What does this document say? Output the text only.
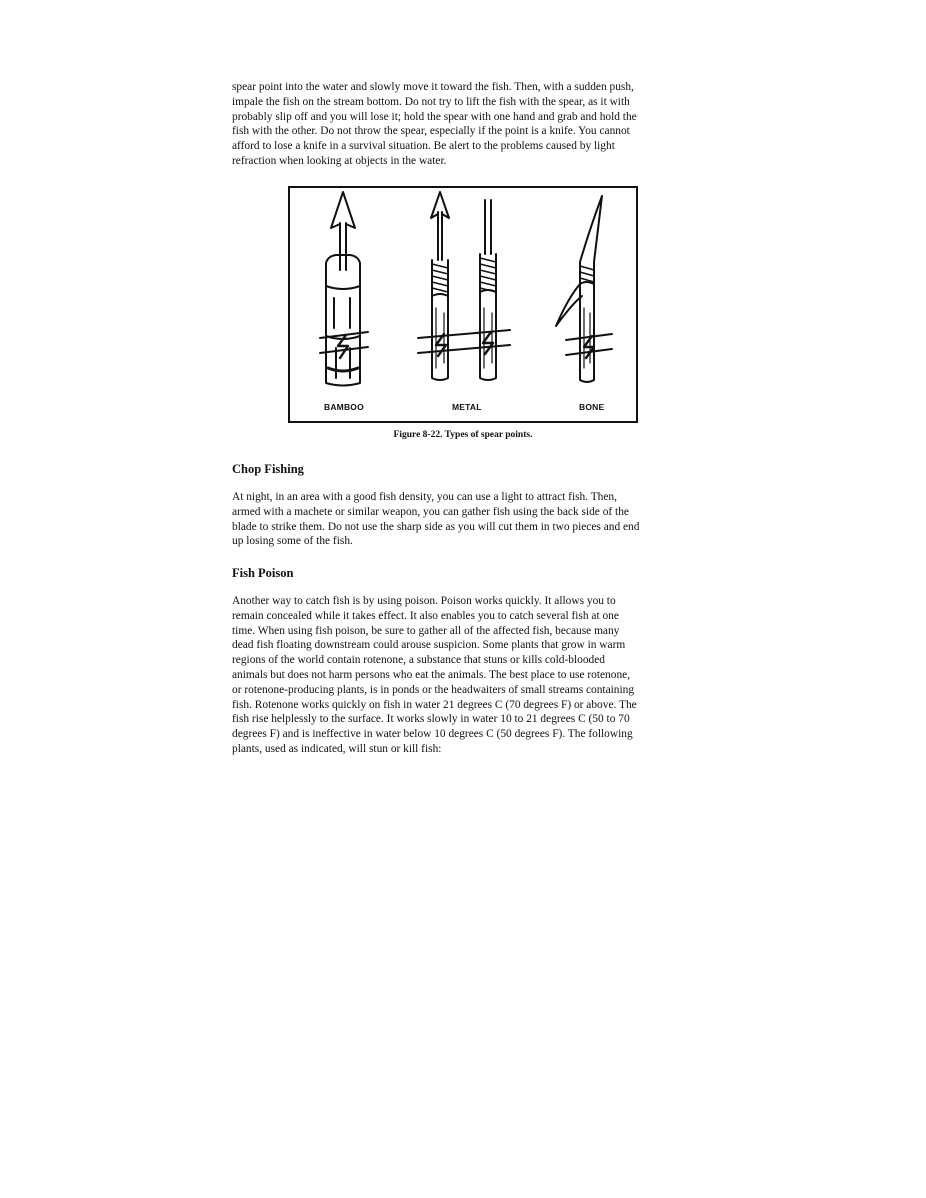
spear point into the water and slowly move it toward the fish. Then, with a sudden push,
impale the fish on the stream bottom. Do not try to lift the fish with the spear, as it with
probably slip off and you will lose it; hold the spear with one hand and grab and hold the
fish with the other. Do not throw the spear, especially if the point is a knife. You cannot
afford to lose a knife in a survival situation. Be alert to the problems caused by light
refraction when looking at objects in the water.
BAMBOO	METAL	BONE
Figure 8-22. Types of spear points.
Chop Fishing
At night, in an area with a good fish density, you can use a light to attract fish. Then,
armed with a machete or similar weapon, you can gather fish using the back side of the
blade to strike them. Do not use the sharp side as you will cut them in two pieces and end
up losing some of the fish.
Fish Poison
Another way to catch fish is by using poison. Poison works quickly. It allows you to
remain concealed while it takes effect. It also enables you to catch several fish at one
time. When using fish poison, be sure to gather all of the affected fish, because many
dead fish floating downstream could arouse suspicion. Some plants that grow in warm
regions of the world contain rotenone, a substance that stuns or kills cold-blooded
animals but does not harm persons who eat the animals. The best place to use rotenone,
or rotenone-producing plants, is in ponds or the headwaiters of small streams containing
fish. Rotenone works quickly on fish in water 21 degrees C (70 degrees F) or above. The
fish rise helplessly to the surface. It works slowly in water 10 to 21 degrees C (50 to 70
degrees F) and is ineffective in water below 10 degrees C (50 degrees F). The following
plants, used as indicated, will stun or kill fish:
